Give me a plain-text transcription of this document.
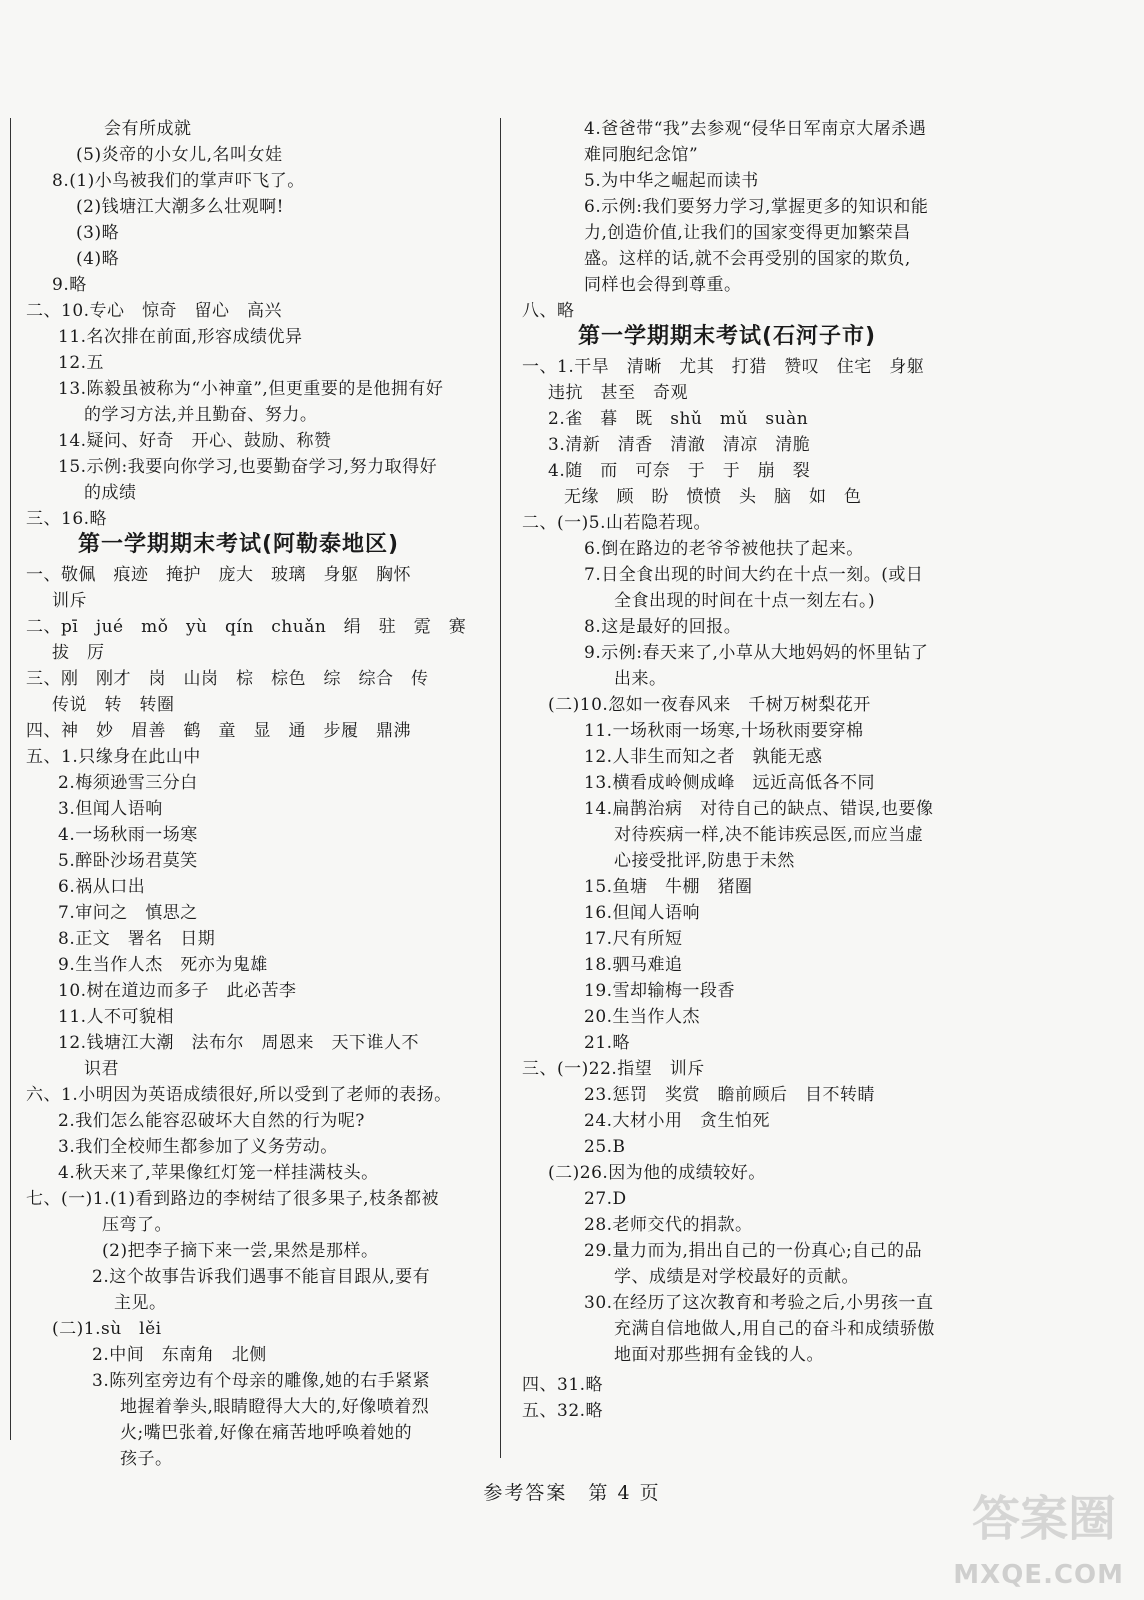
会有所成就
(5)炎帝的小女儿,名叫女娃
8.(1)小鸟被我们的掌声吓飞了。
(2)钱塘江大潮多么壮观啊!
(3)略
(4)略
9.略
二、10.专心　惊奇　留心　高兴
11.名次排在前面,形容成绩优异
12.五
13.陈毅虽被称为“小神童”,但更重要的是他拥有好
的学习方法,并且勤奋、努力。
14.疑问、好奇　开心、鼓励、称赞
15.示例:我要向你学习,也要勤奋学习,努力取得好
的成绩
三、16.略
第一学期期末考试(阿勒泰地区)
一、敬佩　痕迹　掩护　庞大　玻璃　身躯　胸怀
训斥
二、pī　jué　mǒ　yù　qín　chuǎn　绢　驻　霓　赛
拔　厉
三、刚　刚才　岗　山岗　棕　棕色　综　综合　传
传说　转　转圈
四、神　妙　眉善　鹤　童　显　通　步履　鼎沸
五、1.只缘身在此山中
2.梅须逊雪三分白
3.但闻人语响
4.一场秋雨一场寒
5.醉卧沙场君莫笑
6.祸从口出
7.审问之　慎思之
8.正文　署名　日期
9.生当作人杰　死亦为鬼雄
10.树在道边而多子　此必苦李
11.人不可貌相
12.钱塘江大潮　法布尔　周恩来　天下谁人不
识君
六、1.小明因为英语成绩很好,所以受到了老师的表扬。
2.我们怎么能容忍破坏大自然的行为呢?
3.我们全校师生都参加了义务劳动。
4.秋天来了,苹果像红灯笼一样挂满枝头。
七、(一)1.(1)看到路边的李树结了很多果子,枝条都被
压弯了。
(2)把李子摘下来一尝,果然是那样。
2.这个故事告诉我们遇事不能盲目跟从,要有
主见。
(二)1.sù　lěi
2.中间　东南角　北侧
3.陈列室旁边有个母亲的雕像,她的右手紧紧
地握着拳头,眼睛瞪得大大的,好像喷着烈
火;嘴巴张着,好像在痛苦地呼唤着她的
孩子。
4.爸爸带“我”去参观“侵华日军南京大屠杀遇
难同胞纪念馆”
5.为中华之崛起而读书
6.示例:我们要努力学习,掌握更多的知识和能
力,创造价值,让我们的国家变得更加繁荣昌
盛。这样的话,就不会再受别的国家的欺负,
同样也会得到尊重。
八、略
第一学期期末考试(石河子市)
一、1.干旱　清晰　尤其　打猎　赞叹　住宅　身躯
违抗　甚至　奇观
2.雀　暮　既　shǔ　mǔ　suàn
3.清新　清香　清澈　清凉　清脆
4.随　而　可奈　于　于　崩　裂
无缘　顾　盼　愤愤　头　脑　如　色
二、(一)5.山若隐若现。
6.倒在路边的老爷爷被他扶了起来。
7.日全食出现的时间大约在十点一刻。(或日
全食出现的时间在十点一刻左右。)
8.这是最好的回报。
9.示例:春天来了,小草从大地妈妈的怀里钻了
出来。
(二)10.忽如一夜春风来　千树万树梨花开
11.一场秋雨一场寒,十场秋雨要穿棉
12.人非生而知之者　孰能无惑
13.横看成岭侧成峰　远近高低各不同
14.扁鹊治病　对待自己的缺点、错误,也要像
对待疾病一样,决不能讳疾忌医,而应当虚
心接受批评,防患于未然
15.鱼塘　牛棚　猪圈
16.但闻人语响
17.尺有所短
18.驷马难追
19.雪却输梅一段香
20.生当作人杰
21.略
三、(一)22.指望　训斥
23.惩罚　奖赏　瞻前顾后　目不转睛
24.大材小用　贪生怕死
25.B
(二)26.因为他的成绩较好。
27.D
28.老师交代的捐款。
29.量力而为,捐出自己的一份真心;自己的品
学、成绩是对学校最好的贡献。
30.在经历了这次教育和考验之后,小男孩一直
充满自信地做人,用自己的奋斗和成绩骄傲
地面对那些拥有金钱的人。
四、31.略
五、32.略
参考答案　第 4 页	答案圈
MXQE.COM
